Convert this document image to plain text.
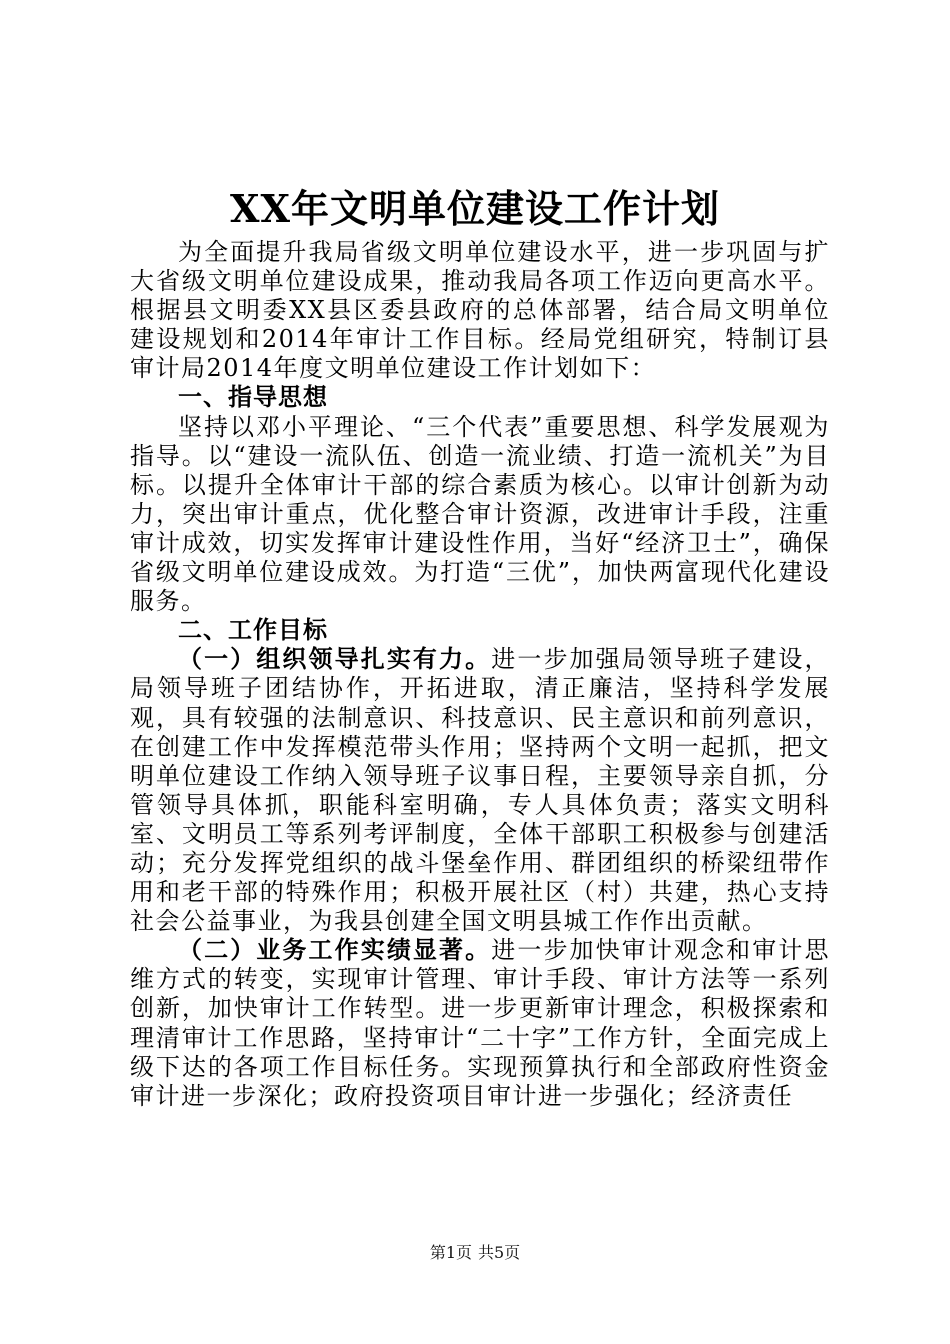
XX年文明单位建设工作计划

为全面提升我局省级文明单位建设水平，进一步巩固与扩大省级文明单位建设成果，推动我局各项工作迈向更高水平。根据县文明委XX县区委县政府的总体部署，结合局文明单位建设规划和2014年审计工作目标。经局党组研究，特制订县审计局2014年度文明单位建设工作计划如下：

一、指导思想

坚持以邓小平理论、“三个代表”重要思想、科学发展观为指导。以“建设一流队伍、创造一流业绩、打造一流机关”为目标。以提升全体审计干部的综合素质为核心。以审计创新为动力，突出审计重点，优化整合审计资源，改进审计手段，注重审计成效，切实发挥审计建设性作用，当好“经济卫士”，确保省级文明单位建设成效。为打造“三优”，加快两富现代化建设服务。

二、工作目标

（一）组织领导扎实有力。进一步加强局领导班子建设，局领导班子团结协作，开拓进取，清正廉洁，坚持科学发展观，具有较强的法制意识、科技意识、民主意识和前列意识，在创建工作中发挥模范带头作用；坚持两个文明一起抓，把文明单位建设工作纳入领导班子议事日程，主要领导亲自抓，分管领导具体抓，职能科室明确，专人具体负责；落实文明科室、文明员工等系列考评制度，全体干部职工积极参与创建活动；充分发挥党组织的战斗堡垒作用、群团组织的桥梁纽带作用和老干部的特殊作用；积极开展社区（村）共建，热心支持社会公益事业，为我县创建全国文明县城工作作出贡献。

（二）业务工作实绩显著。进一步加快审计观念和审计思维方式的转变，实现审计管理、审计手段、审计方法等一系列创新，加快审计工作转型。进一步更新审计理念，积极探索和理清审计工作思路，坚持审计“二十字”工作方针，全面完成上级下达的各项工作目标任务。实现预算执行和全部政府性资金审计进一步深化；政府投资项目审计进一步强化；经济责任

第1页 共5页
